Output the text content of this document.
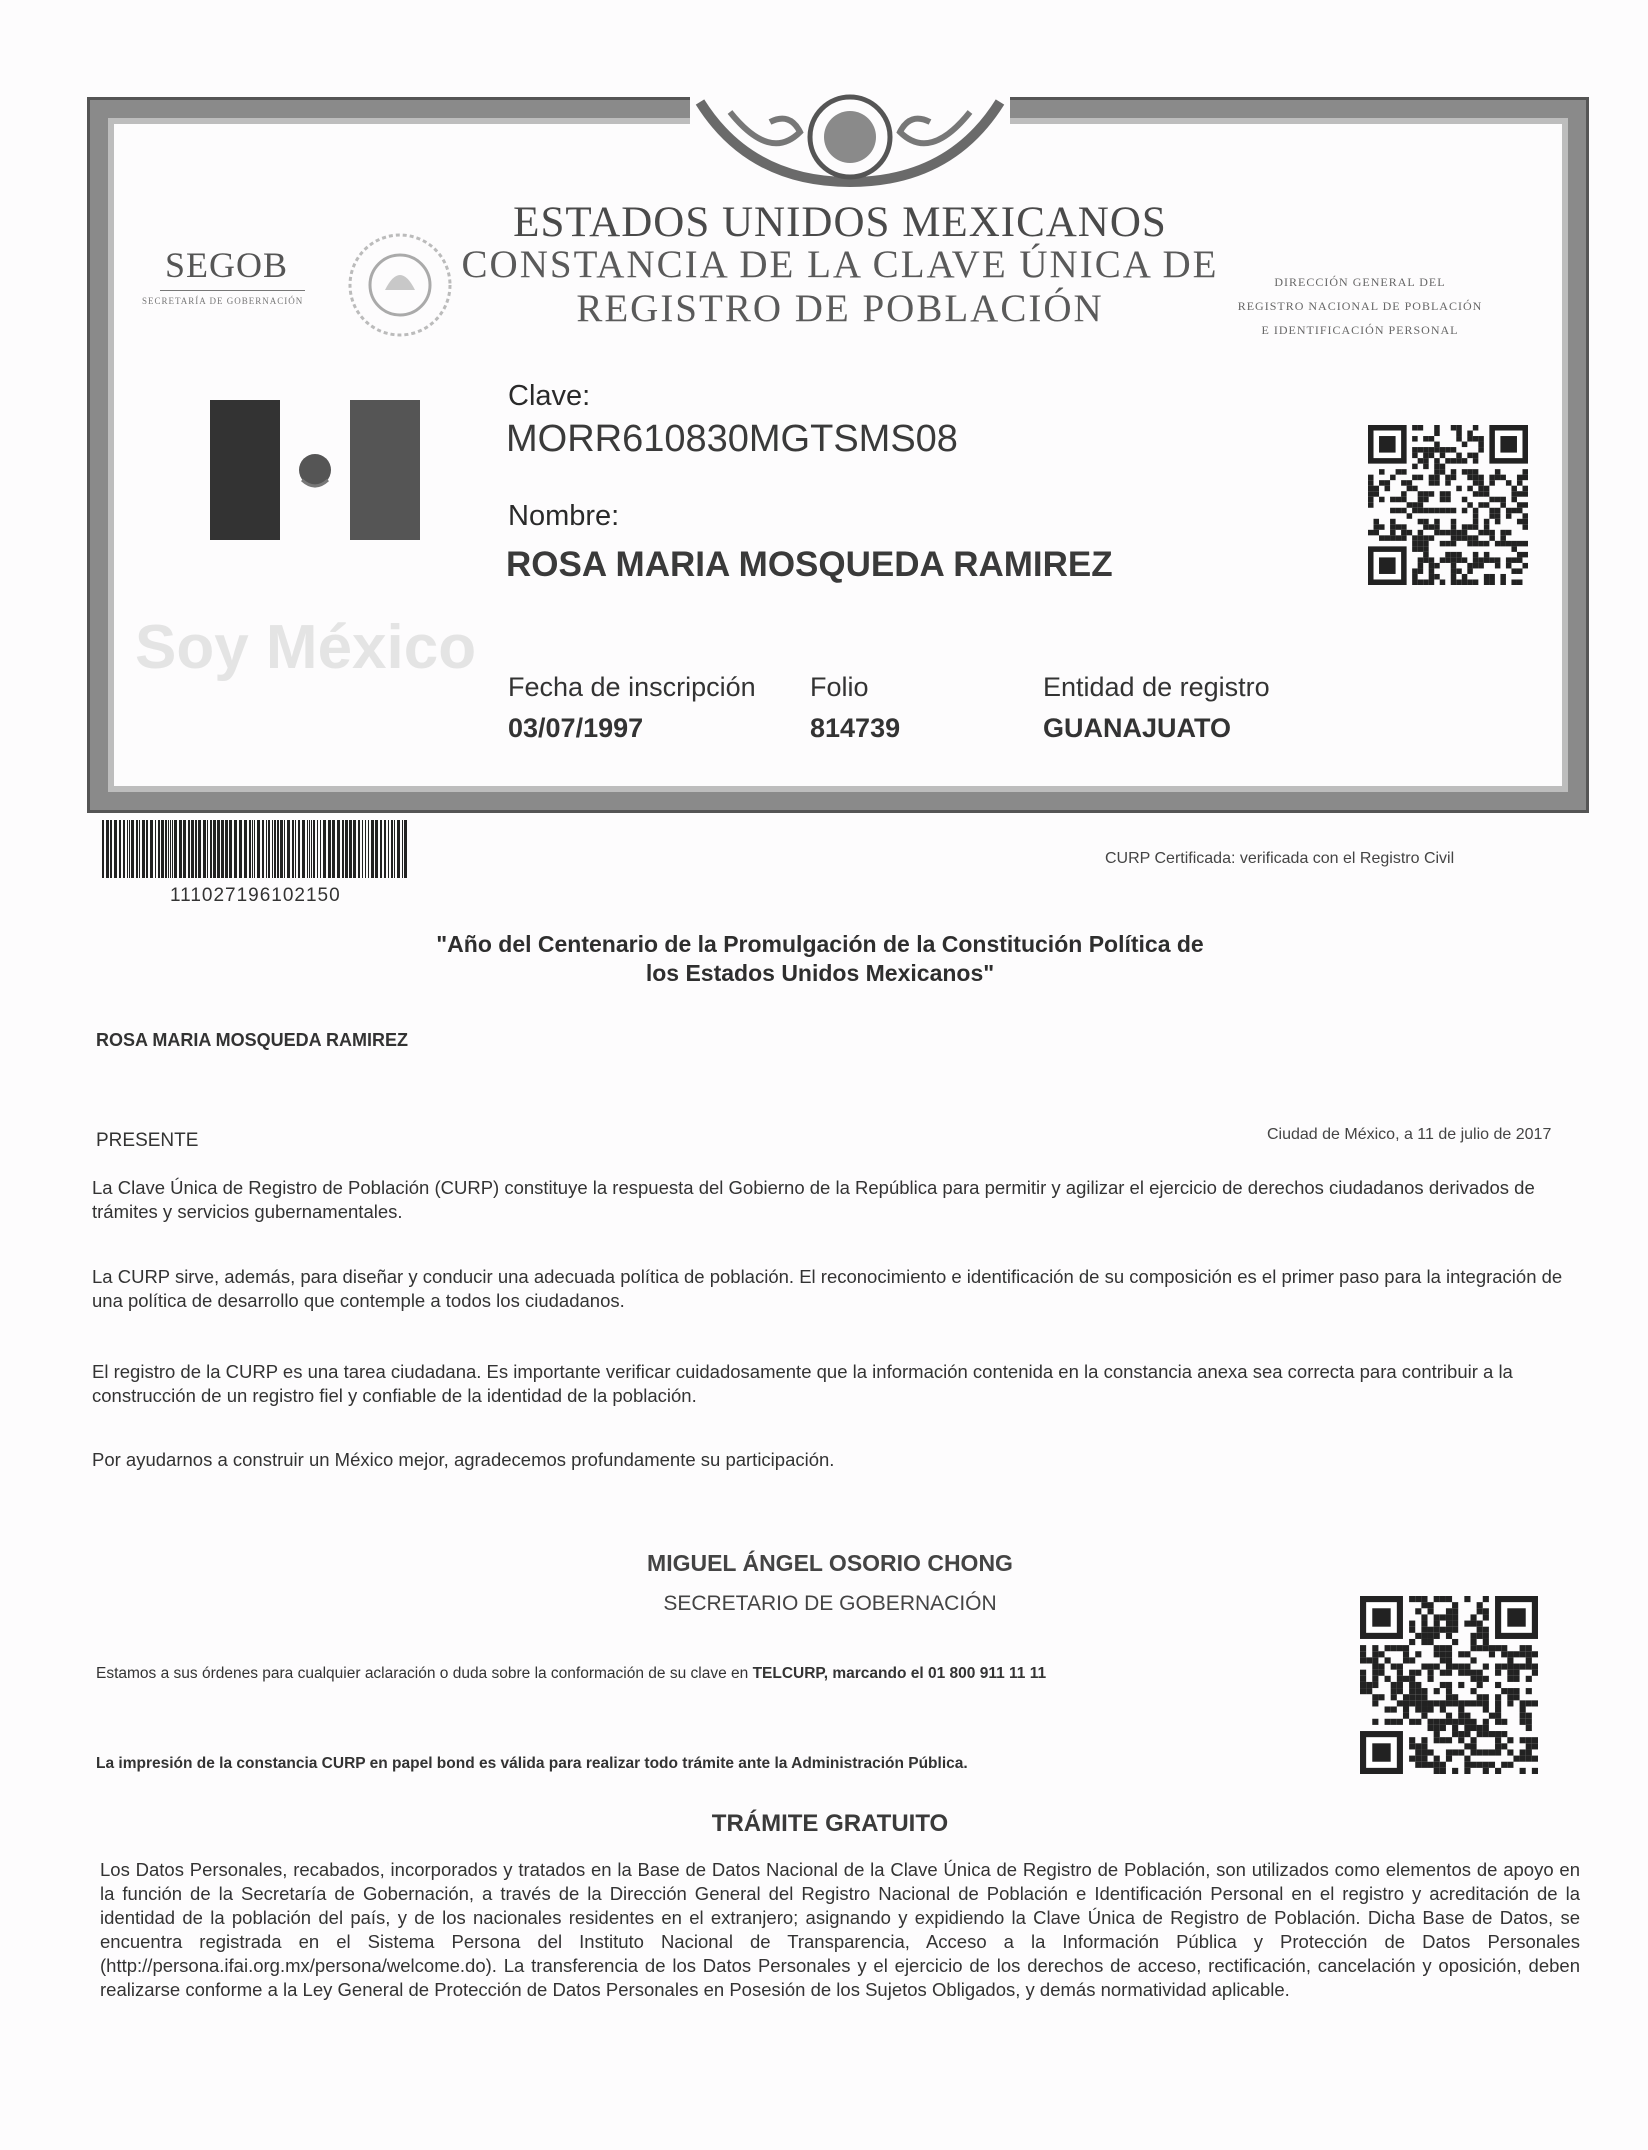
ESTADOS UNIDOS MEXICANOS
CONSTANCIA DE LA CLAVE ÚNICA DE
REGISTRO DE POBLACIÓN
SEGOB
SECRETARÍA DE GOBERNACIÓN
DIRECCIÓN GENERAL DEL
REGISTRO NACIONAL DE POBLACIÓN
E IDENTIFICACIÓN PERSONAL
Soy México
Clave:
MORR610830MGTSMS08
Nombre:
ROSA MARIA MOSQUEDA RAMIREZ
Fecha de inscripción
03/07/1997
Folio
814739
Entidad de registro
GUANAJUATO
111027196102150
CURP Certificada: verificada con el Registro Civil
"Año del Centenario de la Promulgación de la Constitución Política de
los Estados Unidos Mexicanos"
ROSA MARIA MOSQUEDA RAMIREZ
PRESENTE	Ciudad de México, a 11 de julio de 2017
La Clave Única de Registro de Población (CURP) constituye la respuesta del Gobierno de la República para permitir y agilizar el ejercicio de derechos ciudadanos derivados de trámites y servicios gubernamentales.
La CURP sirve, además, para diseñar y conducir una adecuada política de población. El reconocimiento e identificación de su composición es el primer paso para la integración de una política de desarrollo que contemple a todos los ciudadanos.
El registro de la CURP es una tarea ciudadana. Es importante verificar cuidadosamente que la información contenida en la constancia anexa sea correcta para contribuir a la construcción de un registro fiel y confiable de la identidad de la población.
Por ayudarnos a construir un México mejor, agradecemos profundamente su participación.
MIGUEL ÁNGEL OSORIO CHONG
SECRETARIO DE GOBERNACIÓN
Estamos a sus órdenes para cualquier aclaración o duda sobre la conformación de su clave en TELCURP, marcando el 01 800 911 11 11
La impresión de la constancia CURP en papel bond es válida para realizar todo trámite ante la Administración Pública.
TRÁMITE GRATUITO
Los Datos Personales, recabados, incorporados y tratados en la Base de Datos Nacional de la Clave Única de Registro de Población, son utilizados como elementos de apoyo en la función de la Secretaría de Gobernación, a través de la Dirección General del Registro Nacional de Población e Identificación Personal en el registro y acreditación de la identidad de la población del país, y de los nacionales residentes en el extranjero; asignando y expidiendo la Clave Única de Registro de Población. Dicha Base de Datos, se encuentra registrada en el Sistema Persona del Instituto Nacional de Transparencia, Acceso a la Información Pública y Protección de Datos Personales (http://persona.ifai.org.mx/persona/welcome.do). La transferencia de los Datos Personales y el ejercicio de los derechos de acceso, rectificación, cancelación y oposición, deben realizarse conforme a la Ley General de Protección de Datos Personales en Posesión de los Sujetos Obligados, y demás normatividad aplicable.
